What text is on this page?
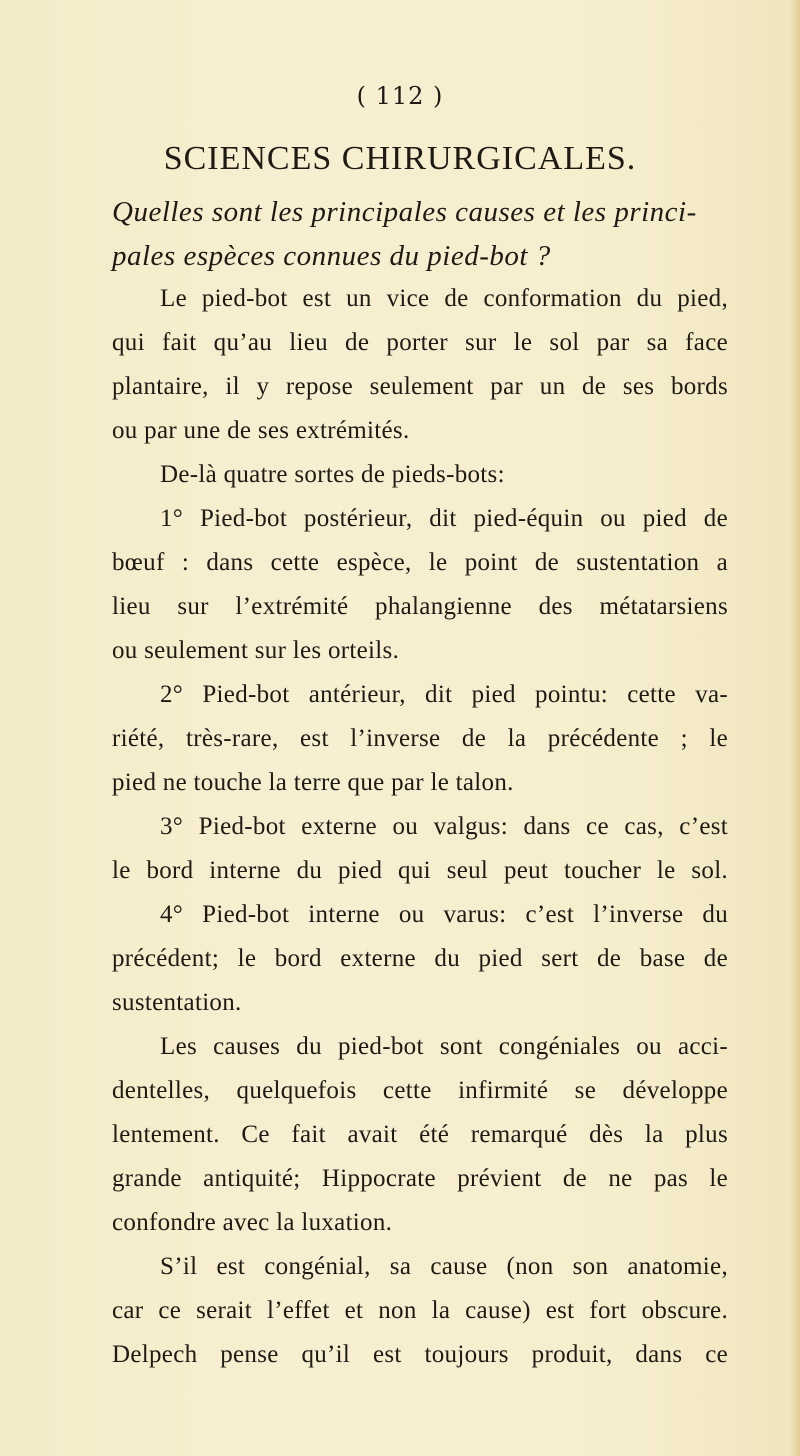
( 112 )
SCIENCES CHIRURGICALES.
Quelles sont les principales causes et les princi-
pales espèces connues du pied-bot ?
Le pied-bot est un vice de conformation du pied,
qui fait qu’au lieu de porter sur le sol par sa face
plantaire, il y repose seulement par un de ses bords
ou par une de ses extrémités.
De-là quatre sortes de pieds-bots:
1° Pied-bot postérieur, dit pied-équin ou pied de
bœuf : dans cette espèce, le point de sustentation a
lieu sur l’extrémité phalangienne des métatarsiens
ou seulement sur les orteils.
2° Pied-bot antérieur, dit pied pointu: cette va-
riété, très-rare, est l’inverse de la précédente ; le
pied ne touche la terre que par le talon.
3° Pied-bot externe ou valgus: dans ce cas, c’est
le bord interne du pied qui seul peut toucher le sol.
4° Pied-bot interne ou varus: c’est l’inverse du
précédent; le bord externe du pied sert de base de
sustentation.
Les causes du pied-bot sont congéniales ou acci-
dentelles, quelquefois cette infirmité se développe
lentement. Ce fait avait été remarqué dès la plus
grande antiquité; Hippocrate prévient de ne pas le
confondre avec la luxation.
S’il est congénial, sa cause (non son anatomie,
car ce serait l’effet et non la cause) est fort obscure.
Delpech pense qu’il est toujours produit, dans ce
